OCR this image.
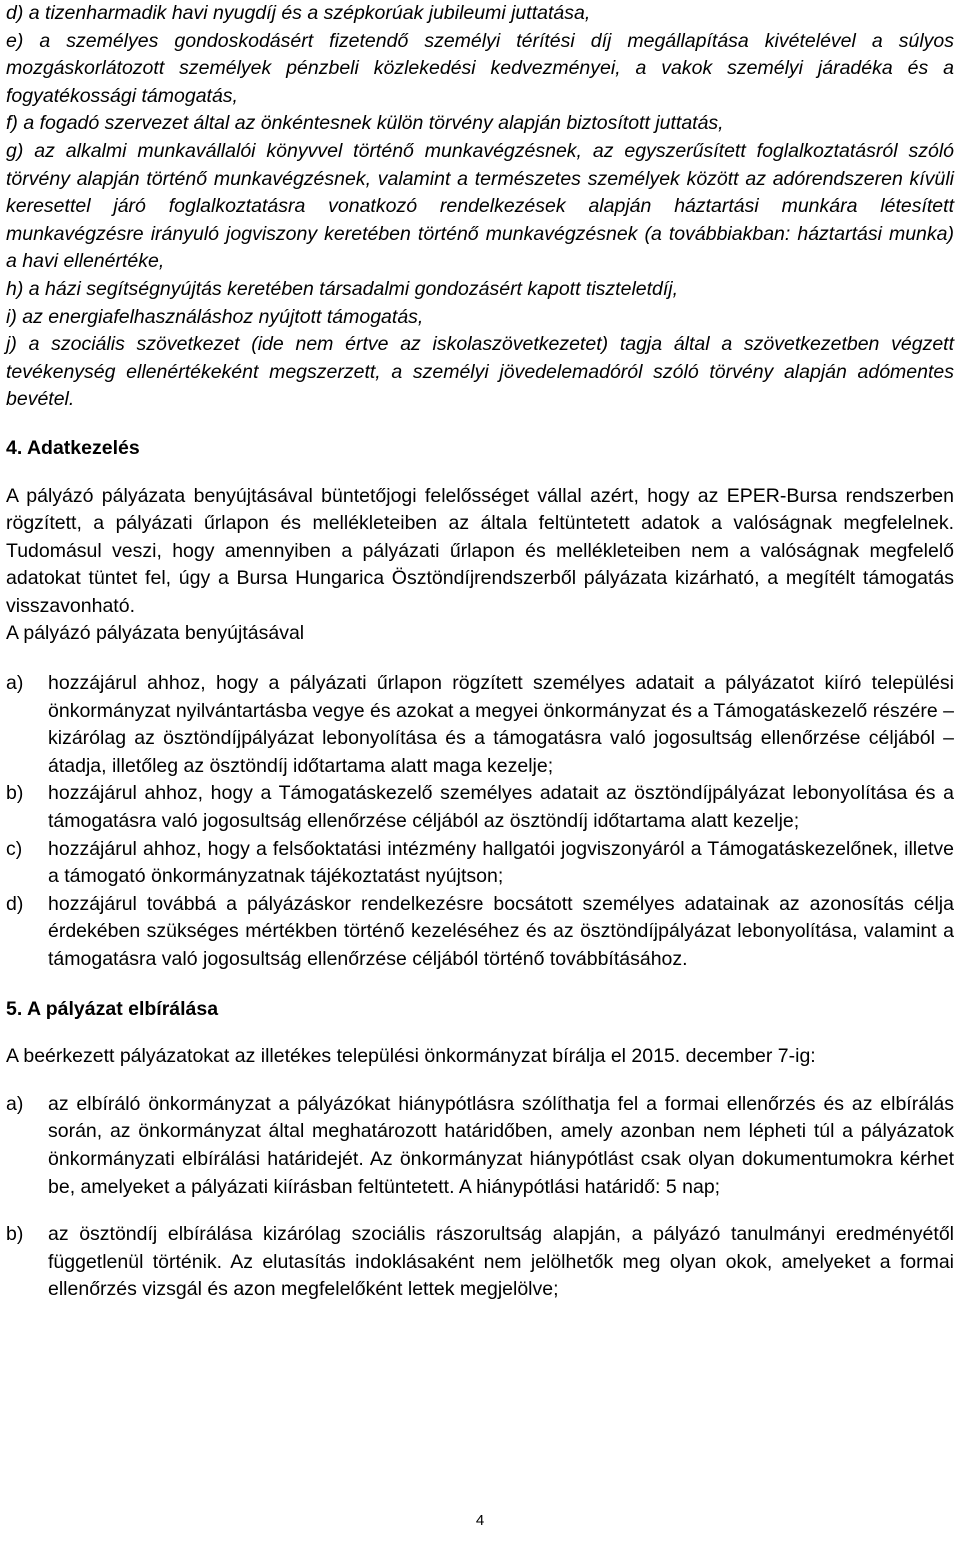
d) a tizenharmadik havi nyugdíj és a szépkorúak jubileumi juttatása,

e) a személyes gondoskodásért fizetendő személyi térítési díj megállapítása kivételével a súlyos mozgáskorlátozott személyek pénzbeli közlekedési kedvezményei, a vakok személyi járadéka és a fogyatékossági támogatás,

f) a fogadó szervezet által az önkéntesnek külön törvény alapján biztosított juttatás,

g) az alkalmi munkavállalói könyvvel történő munkavégzésnek, az egyszerűsített foglalkoztatásról szóló törvény alapján történő munkavégzésnek, valamint a természetes személyek között az adórendszeren kívüli keresettel járó foglalkoztatásra vonatkozó rendelkezések alapján háztartási munkára létesített munkavégzésre irányuló jogviszony keretében történő munkavégzésnek (a továbbiakban: háztartási munka) a havi ellenértéke,

h) a házi segítségnyújtás keretében társadalmi gondozásért kapott tiszteletdíj,

i) az energiafelhasználáshoz nyújtott támogatás,

j) a szociális szövetkezet (ide nem értve az iskolaszövetkezetet) tagja által a szövetkezetben végzett tevékenység ellenértékeként megszerzett, a személyi jövedelemadóról szóló törvény alapján adómentes bevétel.

4. Adatkezelés

A pályázó pályázata benyújtásával büntetőjogi felelősséget vállal azért, hogy az EPER-Bursa rendszerben rögzített, a pályázati űrlapon és mellékleteiben az általa feltüntetett adatok a valóságnak megfelelnek. Tudomásul veszi, hogy amennyiben a pályázati űrlapon és mellékleteiben nem a valóságnak megfelelő adatokat tüntet fel, úgy a Bursa Hungarica Ösztöndíjrendszerből pályázata kizárható, a megítélt támogatás visszavonható.

A pályázó pályázata benyújtásával

a) hozzájárul ahhoz, hogy a pályázati űrlapon rögzített személyes adatait a pályázatot kiíró települési önkormányzat nyilvántartásba vegye és azokat a megyei önkormányzat és a Támogatáskezelő részére – kizárólag az ösztöndíjpályázat lebonyolítása és a támogatásra való jogosultság ellenőrzése céljából – átadja, illetőleg az ösztöndíj időtartama alatt maga kezelje;
b) hozzájárul ahhoz, hogy a Támogatáskezelő személyes adatait az ösztöndíjpályázat lebonyolítása és a támogatásra való jogosultság ellenőrzése céljából az ösztöndíj időtartama alatt kezelje;
c) hozzájárul ahhoz, hogy a felsőoktatási intézmény hallgatói jogviszonyáról a Támogatáskezelőnek, illetve a támogató önkormányzatnak tájékoztatást nyújtson;
d) hozzájárul továbbá a pályázáskor rendelkezésre bocsátott személyes adatainak az azonosítás célja érdekében szükséges mértékben történő kezeléséhez és az ösztöndíjpályázat lebonyolítása, valamint a támogatásra való jogosultság ellenőrzése céljából történő továbbításához.

5. A pályázat elbírálása

A beérkezett pályázatokat az illetékes települési önkormányzat bírálja el 2015. december 7-ig:

a) az elbíráló önkormányzat a pályázókat hiánypótlásra szólíthatja fel a formai ellenőrzés és az elbírálás során, az önkormányzat által meghatározott határidőben, amely azonban nem lépheti túl a pályázatok önkormányzati elbírálási határidejét. Az önkormányzat hiánypótlást csak olyan dokumentumokra kérhet be, amelyeket a pályázati kiírásban feltüntetett. A hiánypótlási határidő: 5 nap;
b) az ösztöndíj elbírálása kizárólag szociális rászorultság alapján, a pályázó tanulmányi eredményétől függetlenül történik. Az elutasítás indoklásaként nem jelölhetők meg olyan okok, amelyeket a formai ellenőrzés vizsgál és azon megfelelőként lettek megjelölve;
4
